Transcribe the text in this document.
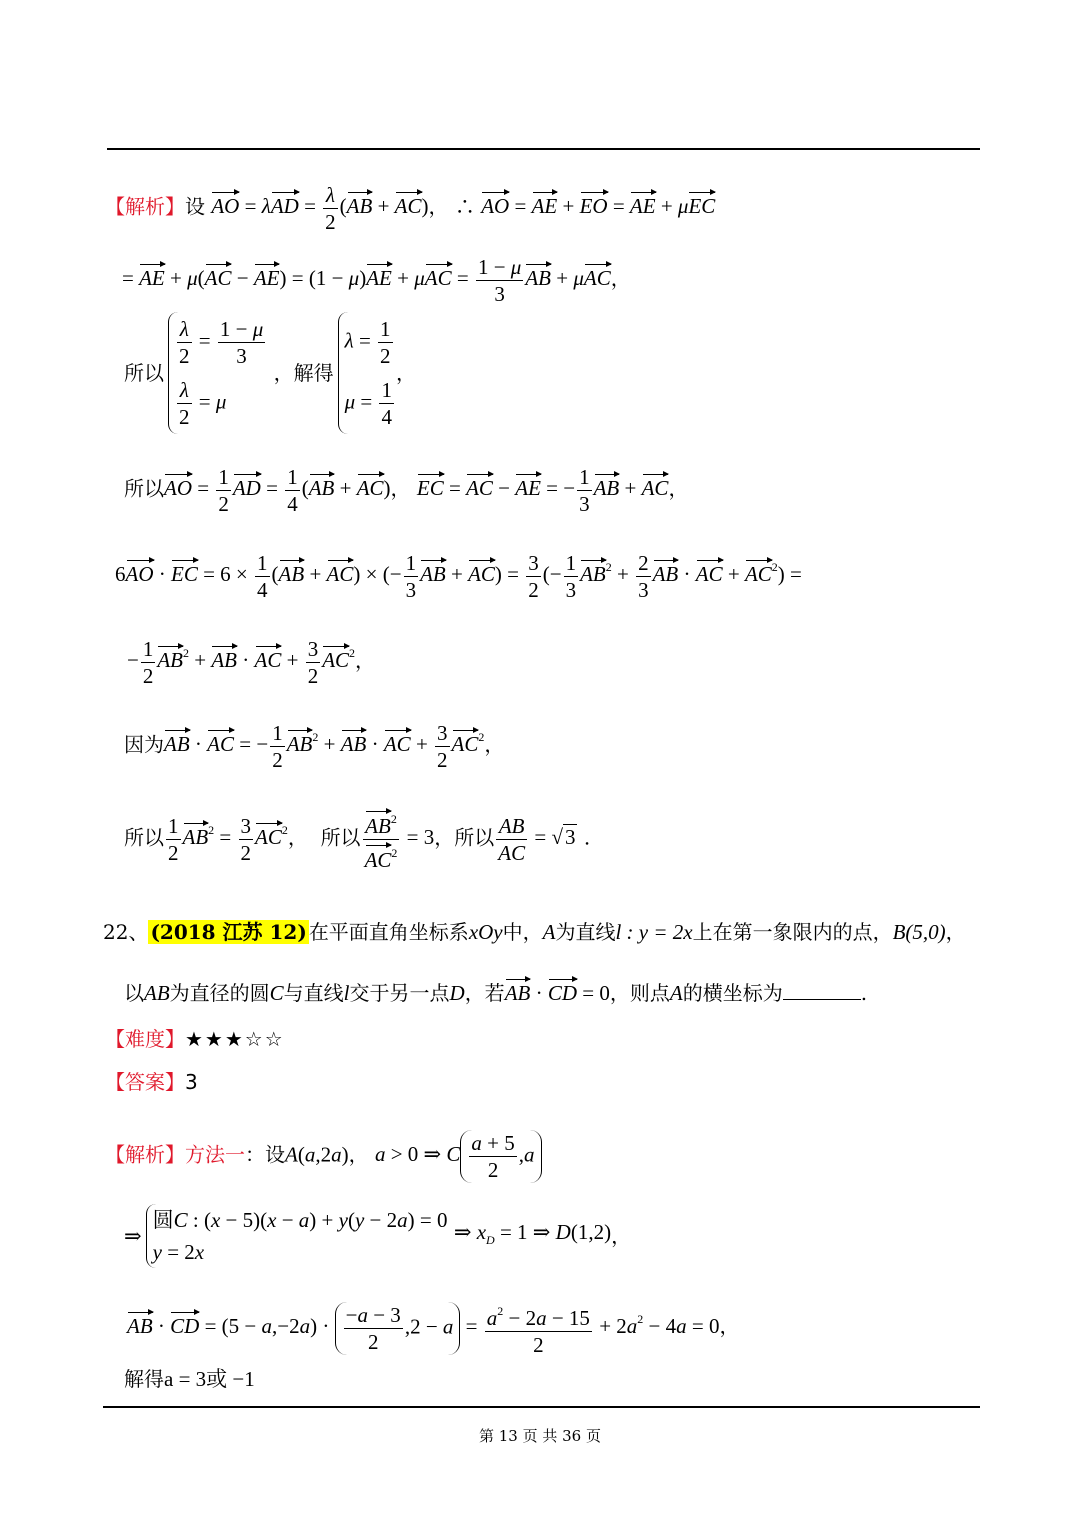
【解析】设 AO = $\lambda AD = \frac{\lambda}{2} (AB + AC)$， ∴ AO = AE + EO = AE + μEC
= AE + $\mu(AC - AE) = (1 - \mu)AE + \mu AC = \frac{1 - \mu}{3}$ AB + μAC，
所以
$\frac{\lambda}{2} = \frac{1 - \mu}{3}$
$\frac{\lambda}{2} = \mu$
，解得
$\lambda = \frac{1}{2}$
$\mu = \frac{1}{4}$
，
所以AO = $\frac{1}{2}$ AD = $\frac{1}{4} (AB + AC)$， EC = AC − AE = − $\frac{1}{3}$ AB + AC，
6AO · EC = $6 \times \frac{1}{4} (AB + AC)$ × (− $\frac{1}{3}$ AB + $AC) = \frac{3}{2}$ (− $\frac{1}{3} AB^2 + \frac{2}{3}$ AB · AC + $AC^2$) =
− $\frac{1}{2} AB^2$ + AB · AC + $\frac{3}{2} AC^2$，
因为AB · AC = − $\frac{1}{2} AB^2$ + AB · AC + $\frac{3}{2} AC^2$，
所以 $\frac{1}{2} AB^2 = \frac{3}{2} AC^2$，  所以 $\frac{AB^2}{AC^2} = 3$，所以 $\frac{AB}{AC} = √3$ .
22、 (2018 江苏 12) 在平面直角坐标系xOy中，A为直线l : y = 2x上在第一象限内的点，B(5,0)，
以AB为直径的圆C与直线l交于另一点D，若AB · CD = 0，则点A的横坐标为	.
【难度】★★★☆☆
【答案】3
【解析】方法一：设A(a,2a)， a > 0 ⇒ C $\frac{a + 5}{2} ,a$
⇒
圆C : (x − 5)(x − a) + y(y − 2a) = 0
y = 2x
⇒ $x_D = 1$ ⇒ D(1,2)，
AB · CD = $(5 - a,-2a) \cdot \frac{-a - 3}{2} ,2 - a = \frac{a^2 - 2a - 15}{2} + 2a^2 - 4a = 0$，
解得a = 3或 −1
第 13 页 共 36 页
